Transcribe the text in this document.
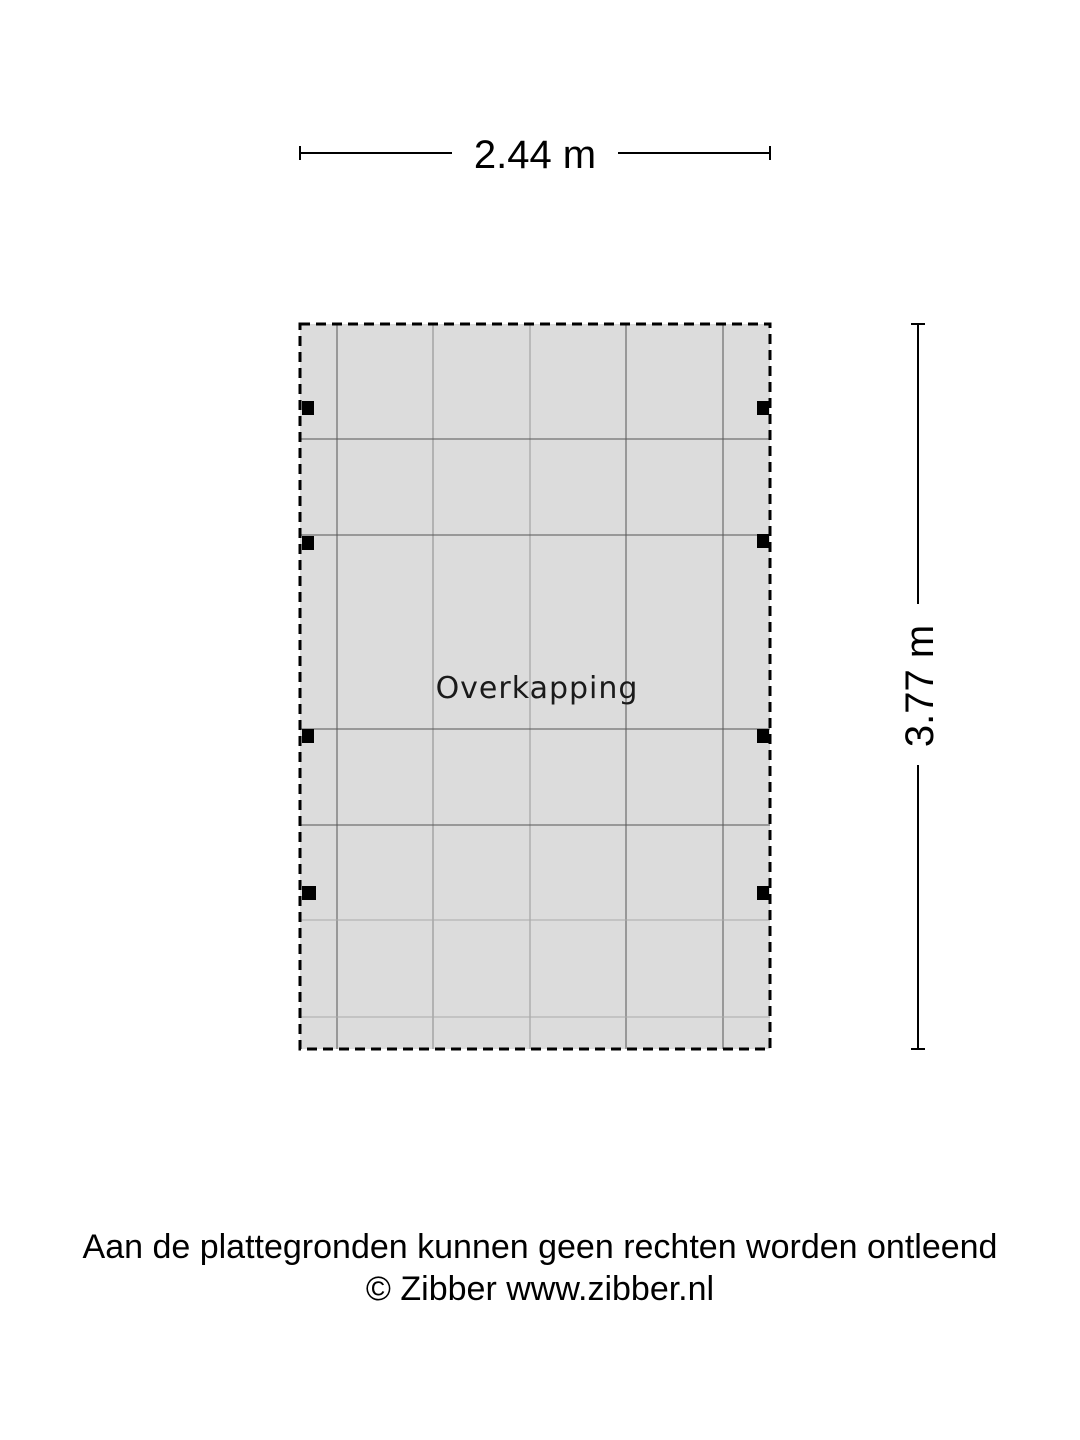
2.44 m
3.77 m
Overkapping
Aan de plattegronden kunnen geen rechten worden ontleend
© Zibber www.zibber.nl
